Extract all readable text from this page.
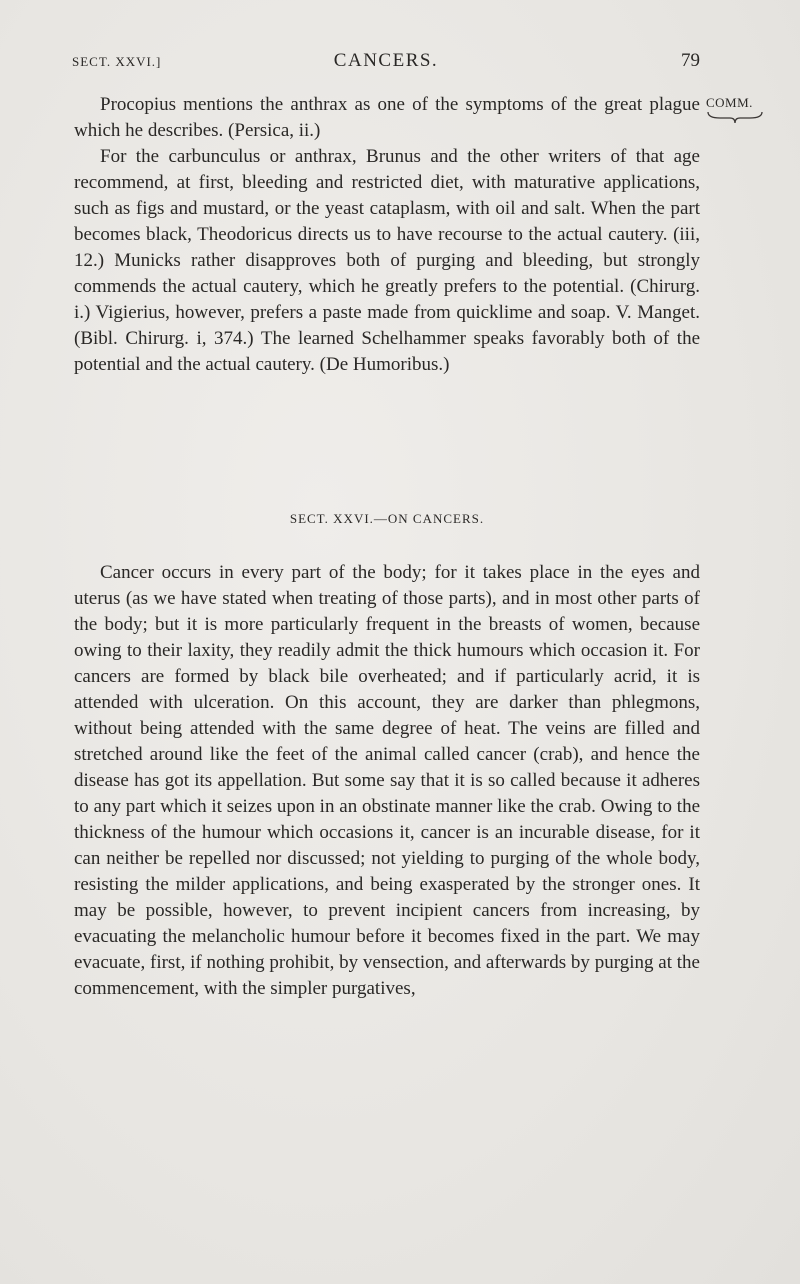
SECT. XXVI.]	CANCERS.	79
COMM.

Procopius mentions the anthrax as one of the symptoms of the great plague which he describes. (Persica, ii.)

For the carbunculus or anthrax, Brunus and the other writers of that age recommend, at first, bleeding and restricted diet, with maturative applications, such as figs and mustard, or the yeast cataplasm, with oil and salt. When the part becomes black, Theodoricus directs us to have recourse to the actual cautery. (iii, 12.) Municks rather disapproves both of purging and bleeding, but strongly commends the actual cautery, which he greatly prefers to the potential. (Chirurg. i.) Vigierius, however, prefers a paste made from quicklime and soap. V. Manget. (Bibl. Chirurg. i, 374.) The learned Schelhammer speaks favorably both of the potential and the actual cautery. (De Humoribus.)

SECT. XXVI.—ON CANCERS.

Cancer occurs in every part of the body; for it takes place in the eyes and uterus (as we have stated when treating of those parts), and in most other parts of the body; but it is more particularly frequent in the breasts of women, because owing to their laxity, they readily admit the thick humours which occasion it. For cancers are formed by black bile overheated; and if particularly acrid, it is attended with ulceration. On this account, they are darker than phlegmons, without being attended with the same degree of heat. The veins are filled and stretched around like the feet of the animal called cancer (crab), and hence the disease has got its appellation. But some say that it is so called because it adheres to any part which it seizes upon in an obstinate manner like the crab. Owing to the thickness of the humour which occasions it, cancer is an incurable disease, for it can neither be repelled nor discussed; not yielding to purging of the whole body, resisting the milder applications, and being exasperated by the stronger ones. It may be possible, however, to prevent incipient cancers from increasing, by evacuating the melancholic humour before it becomes fixed in the part. We may evacuate, first, if nothing prohibit, by vensection, and afterwards by purging at the commencement, with the simpler purgatives,
